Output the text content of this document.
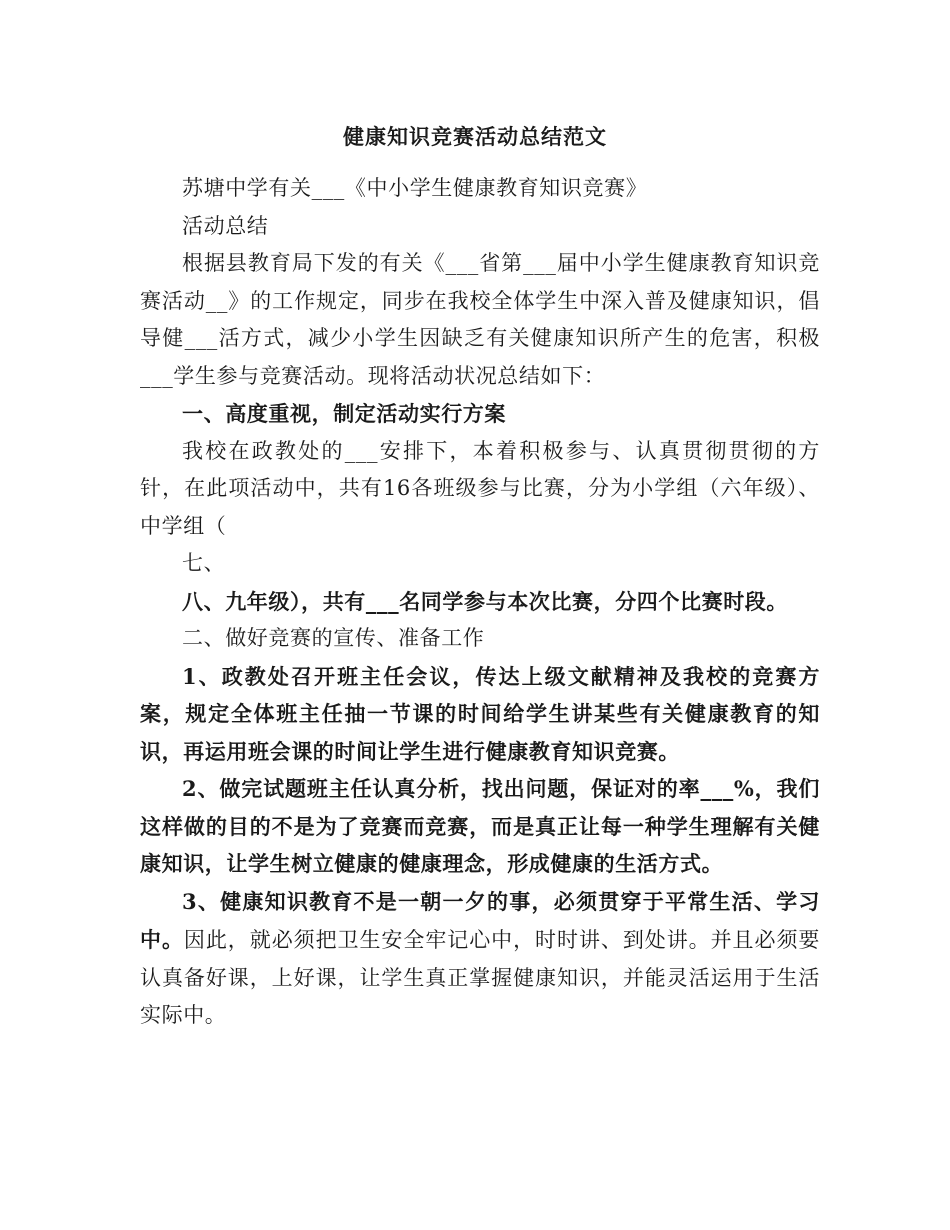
健康知识竞赛活动总结范文

苏塘中学有关___《中小学生健康教育知识竞赛》

活动总结

根据县教育局下发的有关《___省第___届中小学生健康教育知识竞赛活动__》的工作规定，同步在我校全体学生中深入普及健康知识，倡导健___活方式，减少小学生因缺乏有关健康知识所产生的危害，积极___学生参与竞赛活动。现将活动状况总结如下：

一、高度重视，制定活动实行方案

我校在政教处的___安排下，本着积极参与、认真贯彻贯彻的方针，在此项活动中，共有16各班级参与比赛，分为小学组（六年级）、中学组（

七、

八、九年级），共有___名同学参与本次比赛，分四个比赛时段。

二、做好竞赛的宣传、准备工作

1、政教处召开班主任会议，传达上级文献精神及我校的竞赛方案，规定全体班主任抽一节课的时间给学生讲某些有关健康教育的知识，再运用班会课的时间让学生进行健康教育知识竞赛。

2、做完试题班主任认真分析，找出问题，保证对的率___%，我们这样做的目的不是为了竞赛而竞赛，而是真正让每一种学生理解有关健康知识，让学生树立健康的健康理念，形成健康的生活方式。

3、健康知识教育不是一朝一夕的事，必须贯穿于平常生活、学习中。因此，就必须把卫生安全牢记心中，时时讲、到处讲。并且必须要认真备好课，上好课，让学生真正掌握健康知识，并能灵活运用于生活实际中。
